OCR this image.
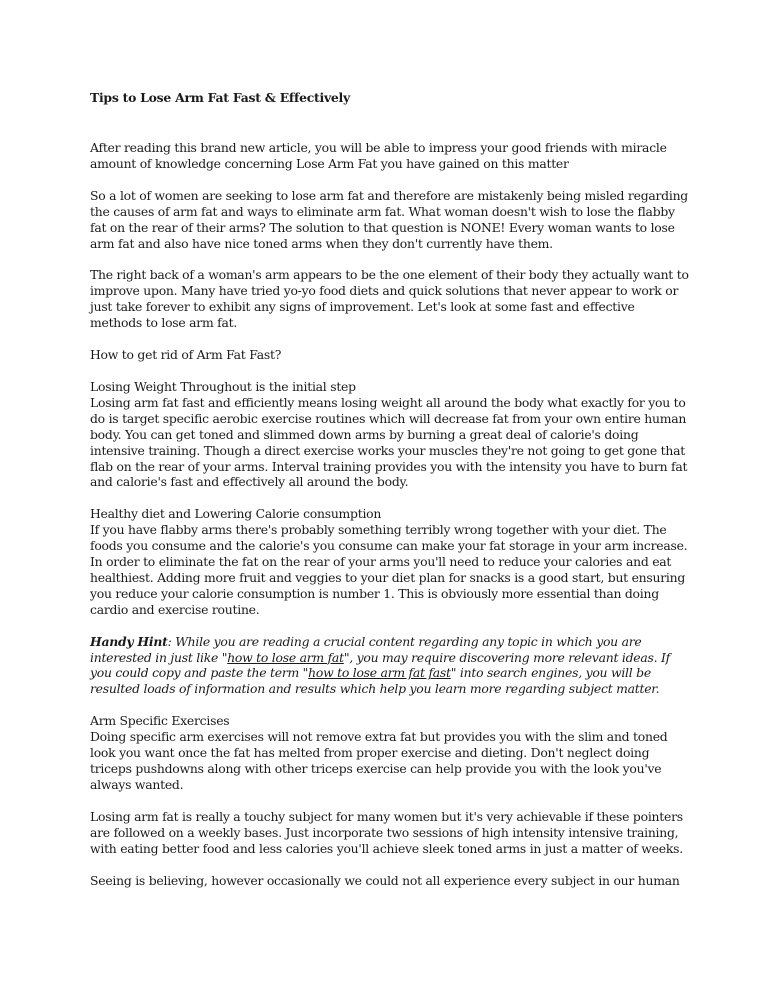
Tips to Lose Arm Fat Fast & Effectively

After reading this brand new article, you will be able to impress your good friends with miracle amount of knowledge concerning Lose Arm Fat you have gained on this matter

So a lot of women are seeking to lose arm fat and therefore are mistakenly being misled regarding the causes of arm fat and ways to eliminate arm fat. What woman doesn't wish to lose the flabby fat on the rear of their arms? The solution to that question is NONE! Every woman wants to lose arm fat and also have nice toned arms when they don't currently have them.

The right back of a woman's arm appears to be the one element of their body they actually want to improve upon. Many have tried yo-yo food diets and quick solutions that never appear to work or just take forever to exhibit any signs of improvement. Let's look at some fast and effective methods to lose arm fat.

How to get rid of Arm Fat Fast?

Losing Weight Throughout is the initial step

Losing arm fat fast and efficiently means losing weight all around the body what exactly for you to do is target specific aerobic exercise routines which will decrease fat from your own entire human body. You can get toned and slimmed down arms by burning a great deal of calorie's doing intensive training. Though a direct exercise works your muscles they're not going to get gone that flab on the rear of your arms. Interval training provides you with the intensity you have to burn fat and calorie's fast and effectively all around the body.

Healthy diet and Lowering Calorie consumption

If you have flabby arms there's probably something terribly wrong together with your diet. The foods you consume and the calorie's you consume can make your fat storage in your arm increase. In order to eliminate the fat on the rear of your arms you'll need to reduce your calories and eat healthiest. Adding more fruit and veggies to your diet plan for snacks is a good start, but ensuring you reduce your calorie consumption is number 1. This is obviously more essential than doing cardio and exercise routine.

Handy Hint: While you are reading a crucial content regarding any topic in which you are interested in just like "how to lose arm fat", you may require discovering more relevant ideas. If you could copy and paste the term "how to lose arm fat fast" into search engines, you will be resulted loads of information and results which help you learn more regarding subject matter.

Arm Specific Exercises

Doing specific arm exercises will not remove extra fat but provides you with the slim and toned look you want once the fat has melted from proper exercise and dieting. Don't neglect doing triceps pushdowns along with other triceps exercise can help provide you with the look you've always wanted.

Losing arm fat is really a touchy subject for many women but it's very achievable if these pointers are followed on a weekly bases. Just incorporate two sessions of high intensity intensive training, with eating better food and less calories you'll achieve sleek toned arms in just a matter of weeks.

Seeing is believing, however occasionally we could not all experience every subject in our human
